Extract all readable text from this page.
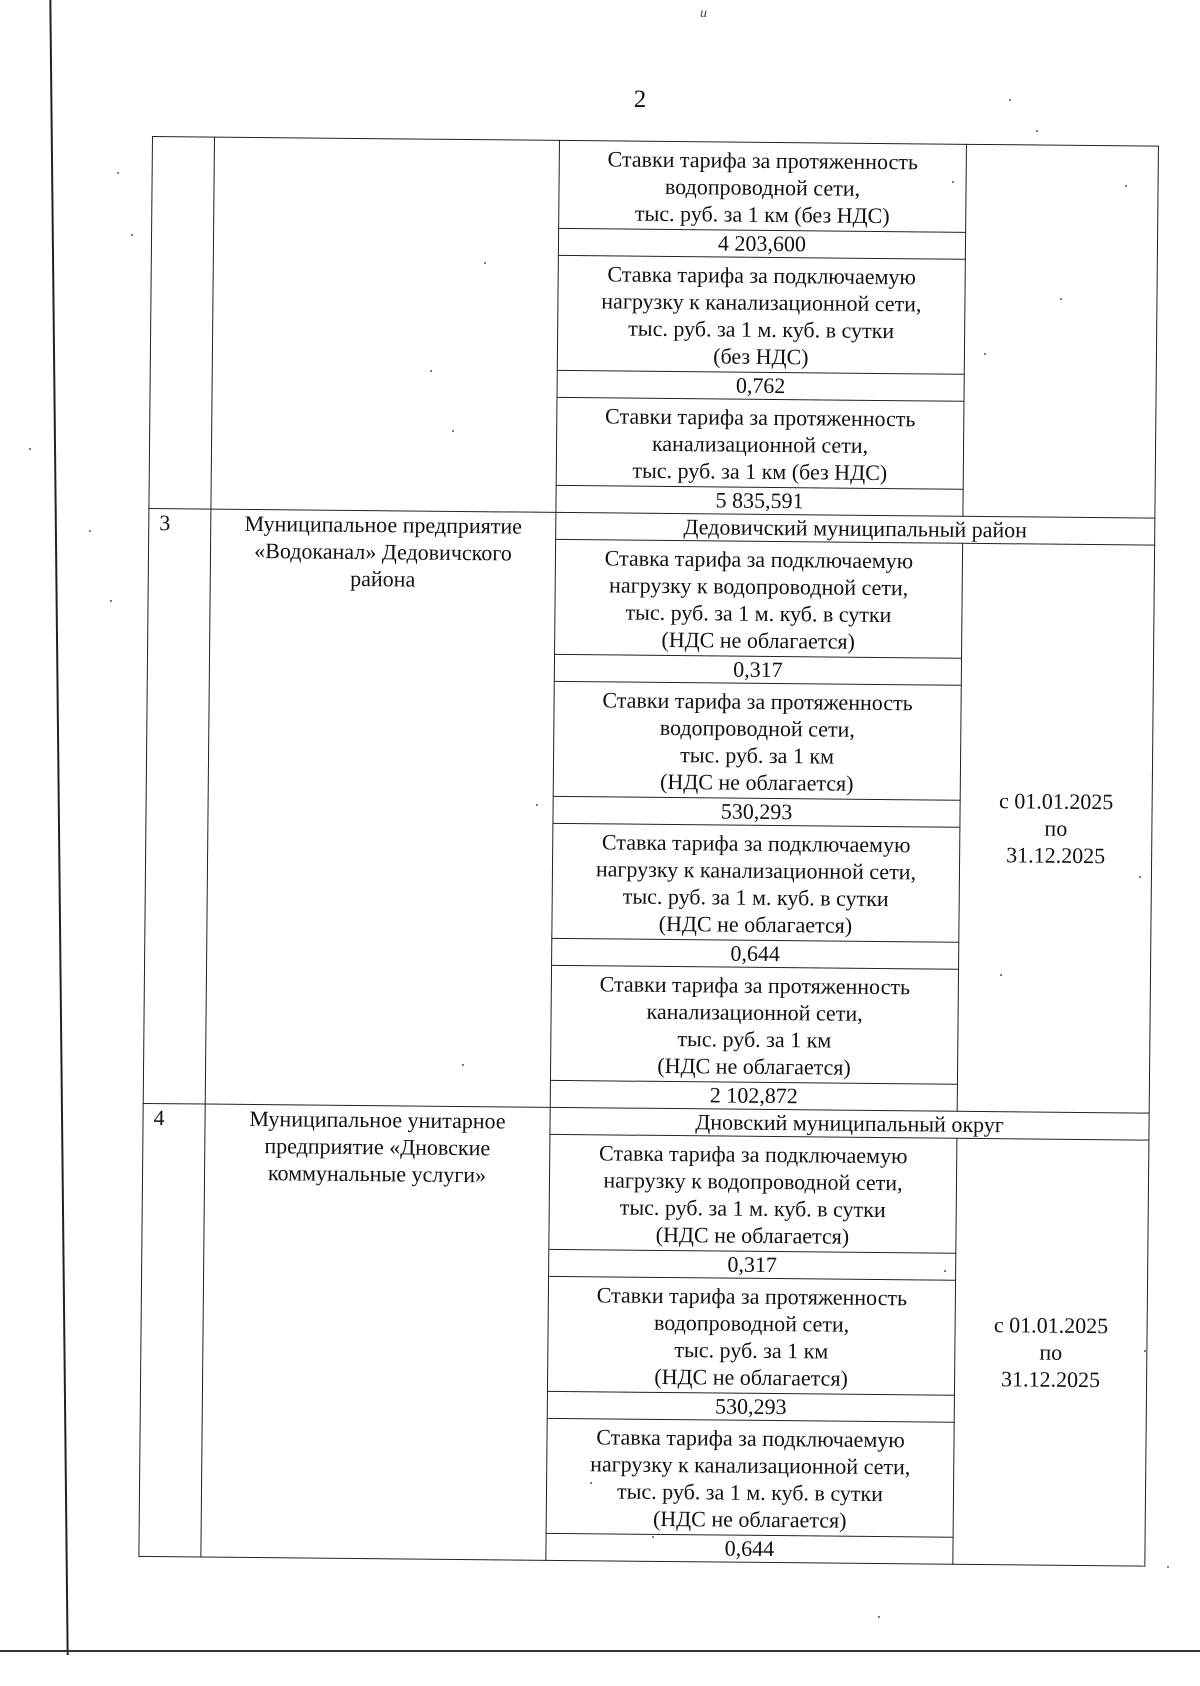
и
2

		Ставки тарифа за протяженность
водопроводной сети,
тыс. руб. за 1 км (без НДС)	

		4 203,600	

		Ставка тарифа за подключаемую
нагрузку к канализационной сети,
тыс. руб. за 1 м. куб. в сутки
(без НДС)	

		0,762	

		Ставки тарифа за протяженность
канализационной сети,
тыс. руб. за 1 км (без НДС)	

		5 835,591	
3	Муниципальное предприятие «Водоканал» Дедовичского района	Дедовичский муниципальный район	

		Ставка тарифа за подключаемую
нагрузку к водопроводной сети,
тыс. руб. за 1 м. куб. в сутки
(НДС не облагается)	с 01.01.2025
по
31.12.2025

		0,317	

		Ставки тарифа за протяженность
водопроводной сети,
тыс. руб. за 1 км
(НДС не облагается)	

		530,293	

		Ставка тарифа за подключаемую
нагрузку к канализационной сети,
тыс. руб. за 1 м. куб. в сутки
(НДС не облагается)	

		0,644	

		Ставки тарифа за протяженность
канализационной сети,
тыс. руб. за 1 км
(НДС не облагается)	

		2 102,872	
4	Муниципальное унитарное предприятие «Дновские коммунальные услуги»	Дновский муниципальный округ	

		Ставка тарифа за подключаемую
нагрузку к водопроводной сети,
тыс. руб. за 1 м. куб. в сутки
(НДС не облагается)	с 01.01.2025
по
31.12.2025

		0,317	

		Ставки тарифа за протяженность
водопроводной сети,
тыс. руб. за 1 км
(НДС не облагается)	

		530,293	

		Ставка тарифа за подключаемую
нагрузку к канализационной сети,
тыс. руб. за 1 м. куб. в сутки
(НДС не облагается)	

		0,644	
